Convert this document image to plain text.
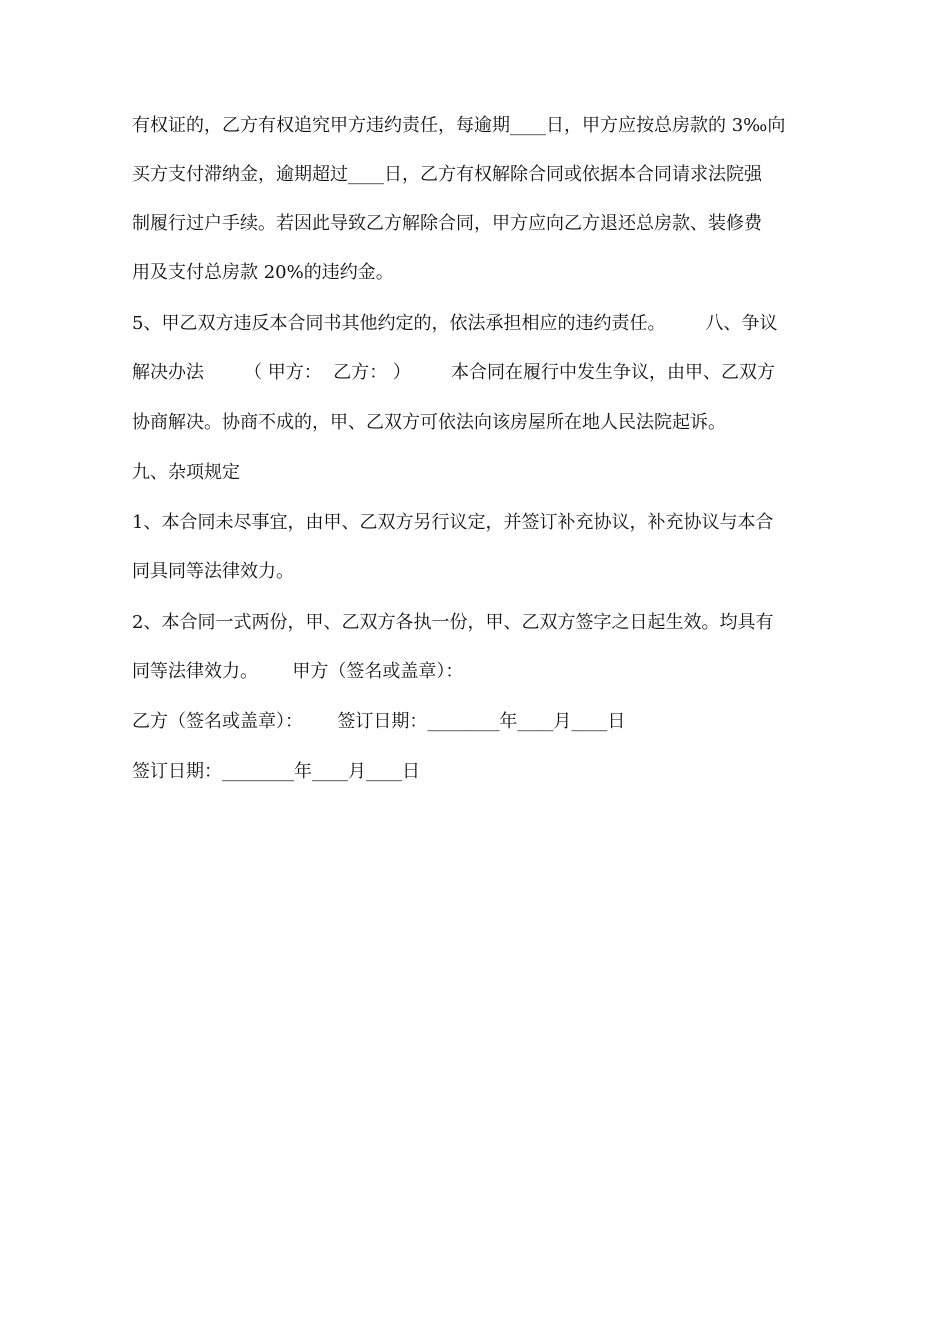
有权证的，乙方有权追究甲方违约责任，每逾期____日，甲方应按总房款的 3‰向
买方支付滞纳金，逾期超过____日，乙方有权解除合同或依据本合同请求法院强
制履行过户手续。若因此导致乙方解除合同，甲方应向乙方退还总房款、装修费
用及支付总房款 20%的违约金。
5、甲乙双方违反本合同书其他约定的，依法承担相应的违约责任。       八、争议
解决办法       （ 甲方：  乙方： ）       本合同在履行中发生争议，由甲、乙双方
协商解决。协商不成的，甲、乙双方可依法向该房屋所在地人民法院起诉。
九、杂项规定
1、本合同未尽事宜，由甲、乙双方另行议定，并签订补充协议，补充协议与本合
同具同等法律效力。
2、本合同一式两份，甲、乙双方各执一份，甲、乙双方签字之日起生效。均具有
同等法律效力。      甲方（签名或盖章）：
乙方（签名或盖章）：      签订日期：________年____月____日
签订日期：________年____月____日
